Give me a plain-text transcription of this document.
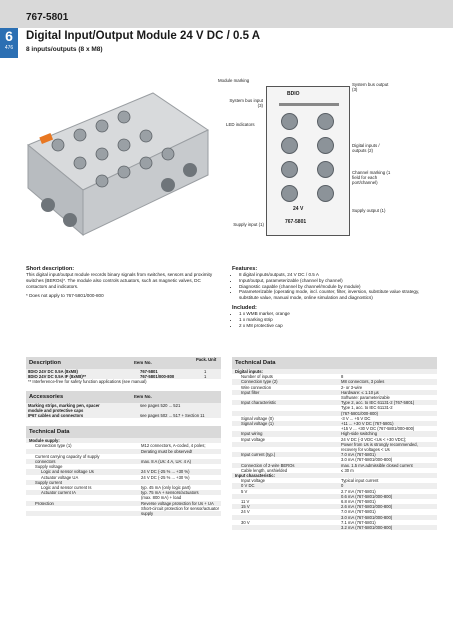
767-5801
6
476
Digital Input/Output Module 24 V DC / 0.5 A
8 inputs/outputs (8 x M8)
Module marking
System bus input (3)
LED indicators
System bus output (3)
Digital inputs / outputs (2)
Channel marking (1 field for each port/channel)
Supply output (1)
Supply input (1)
BDIO
24 V
767-5801
Short description:
This digital input/output module records binary signals from switches, sensors and proximity switches (BEROs)*. The module also controls actuators, such as magnetic valves, DC contactors and indicators.
* Does not apply to 767-5801/000-800
Features:
• 8 digital inputs/outputs, 24 V DC / 0.5 A
• Input/output, parameterizable (channel by channel)
• Diagnostic capable (channel by channel/module by module)
• Parameterizable (operating mode, incl. counter, filter, inversion, substitute value strategy, substitute value, manual mode, online simulation and diagnostics)
Included:
• 1 x WMB marker, orange
• 1 x marking strip
• 2 x M8 protective cap
Description	Item No.
Pack. Unit
8DIO 24V DC 0.5A (8xM8)	767-5801	1
8DIO 24V DC 0.5A IF (8xM8)**	767-5801/000-800	1
** Interference-free for safety function applications (see manual)		
Accessories	Item No.
Marking strips, marking pen, spacer	see pages 520 ... 521
module and protective caps	
IP67 cables and connectors	see pages 502 ... 517 + Section 11
Technical Data
Module supply:	
Connection type (1)	M12 connectors, A-coded, 4 poles;
	Derating must be observed!
Current carrying capacity of supply	
connectors	max. 8 A (Us: 4 A, UA: 4 A)
Supply voltage	
Logic and sensor voltage Us	24 V DC (-25 % ... +30 %)
Actuator voltage UA	24 V DC (-25 % ... +30 %)
Supply current	
Logic and sensor current Is	typ. 45 mA (only logic part)
Actuator current IA	typ. 75 mA + sensors/actuators
	(max. 800 mA) + load
Protection	Reverse voltage protection for Us + UA
	Short-circuit protection for sensor/actuator
	supply
Technical Data
Digital inputs:	
Number of inputs	8
Connection type (2)	M8 connectors, 3 poles
Wire connection	2- or 3-wire
Input filter	Hardware: ≤ 1.10 µs
	Software: parameterizable
Input characteristic	Type 2, acc. to IEC 61131-2 (767-5801)
	Type 1, acc. to IEC 61131-2
	(767-5801/000-800)
Signal voltage (0)	-3 V ... +5 V DC
Signal voltage (1)	+11 ... +30 V DC (767-5801)
	+15 V ... +30 V DC (767-5801/000-800)
Input wiring	High-side switching
Input voltage	24 V DC (-3 VDC <Us < +30 VDC);
	Power from Us is strongly recommended,
	recovery for voltages < Us
Input current (typ.)	7.0 mA (767-5801)
	3.0 mA (767-5801/000-800)
Connection of 2-wire BEROs	max. 1.5 mA admissible closed current
Cable length, unshielded	≤ 30 m
Input characteristic:	
Input voltage	Typical input current
0 V DC	0
5 V	2.7 mA (767-5801)
	0.6 mA (767-5801/000-800)
11 V	6.8 mA (767-5801)
15 V	2.6 mA (767-5801/000-800)
24 V	7.0 mA (767-5801)
	3.0 mA (767-5801/000-800)
30 V	7.1 mA (767-5801)
	3.2 mA (767-5801/000-800)
